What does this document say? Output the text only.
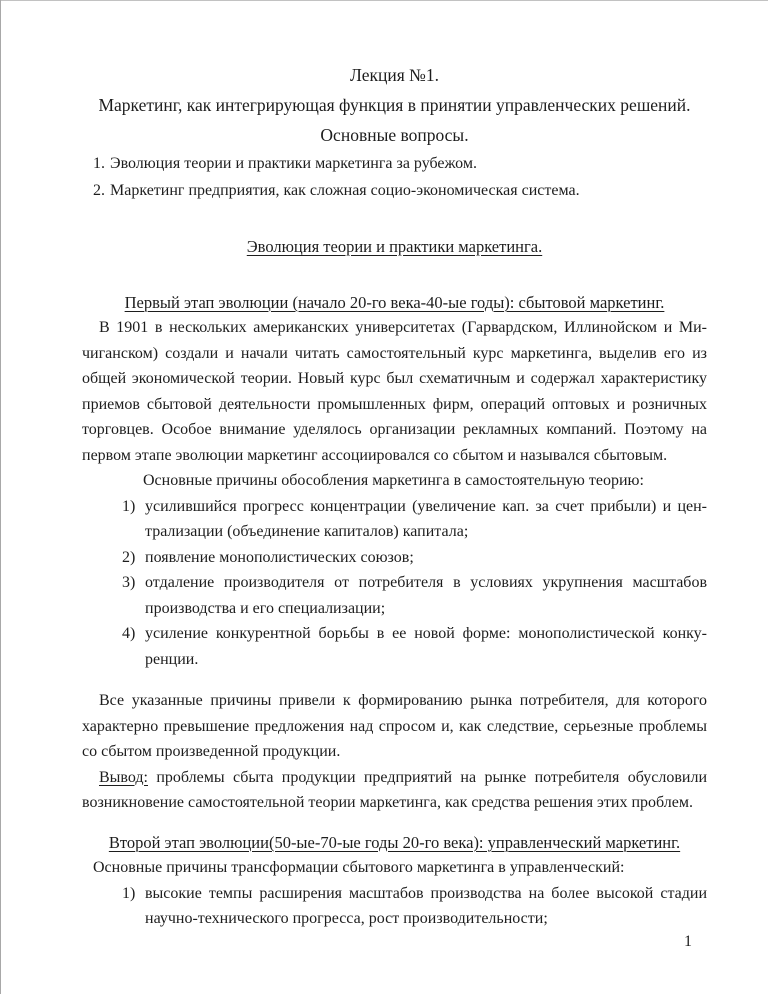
Лекция №1.
Маркетинг, как интегрирующая функция в принятии управленческих решений.
Основные вопросы.
1. Эволюция теории и практики маркетинга за рубежом.
2. Маркетинг предприятия, как сложная социо-экономическая система.
Эволюция теории и практики маркетинга.
Первый этап эволюции (начало 20-го века-40-ые годы): сбытовой маркетинг.

В 1901 в нескольких американских университетах (Гарвардском, Иллинойском и Мичиганском) создали и начали читать самостоятельный курс маркетинга, выделив его из общей экономической теории. Новый курс был схематичным и содержал характеристику приемов сбытовой деятельности промышленных фирм, операций оптовых и розничных торговцев. Особое внимание уделялось организации рекламных компаний. Поэтому на первом этапе эволюции маркетинг ассоциировался со сбытом и назывался сбытовым.

Основные причины обособления маркетинга в самостоятельную теорию:
1) усилившийся прогресс концентрации (увеличение кап. за счет прибыли) и централизации (объединение капиталов) капитала;
2) появление монополистических союзов;
3) отдаление производителя от потребителя в условиях укрупнения масштабов производства и его специализации;
4) усиление конкурентной борьбы в ее новой форме: монополистической конкуренции.

Все указанные причины привели к формированию рынка потребителя, для которого характерно превышение предложения над спросом и, как следствие, серьезные проблемы со сбытом произведенной продукции.

Вывод: проблемы сбыта продукции предприятий на рынке потребителя обусловили возникновение самостоятельной теории маркетинга, как средства решения этих проблем.

Второй этап эволюции(50-ые-70-ые годы 20-го века): управленческий маркетинг.
Основные причины трансформации сбытового маркетинга в управленческий:
1) высокие темпы расширения масштабов производства на более высокой стадии научно-технического прогресса, рост производительности;
1
